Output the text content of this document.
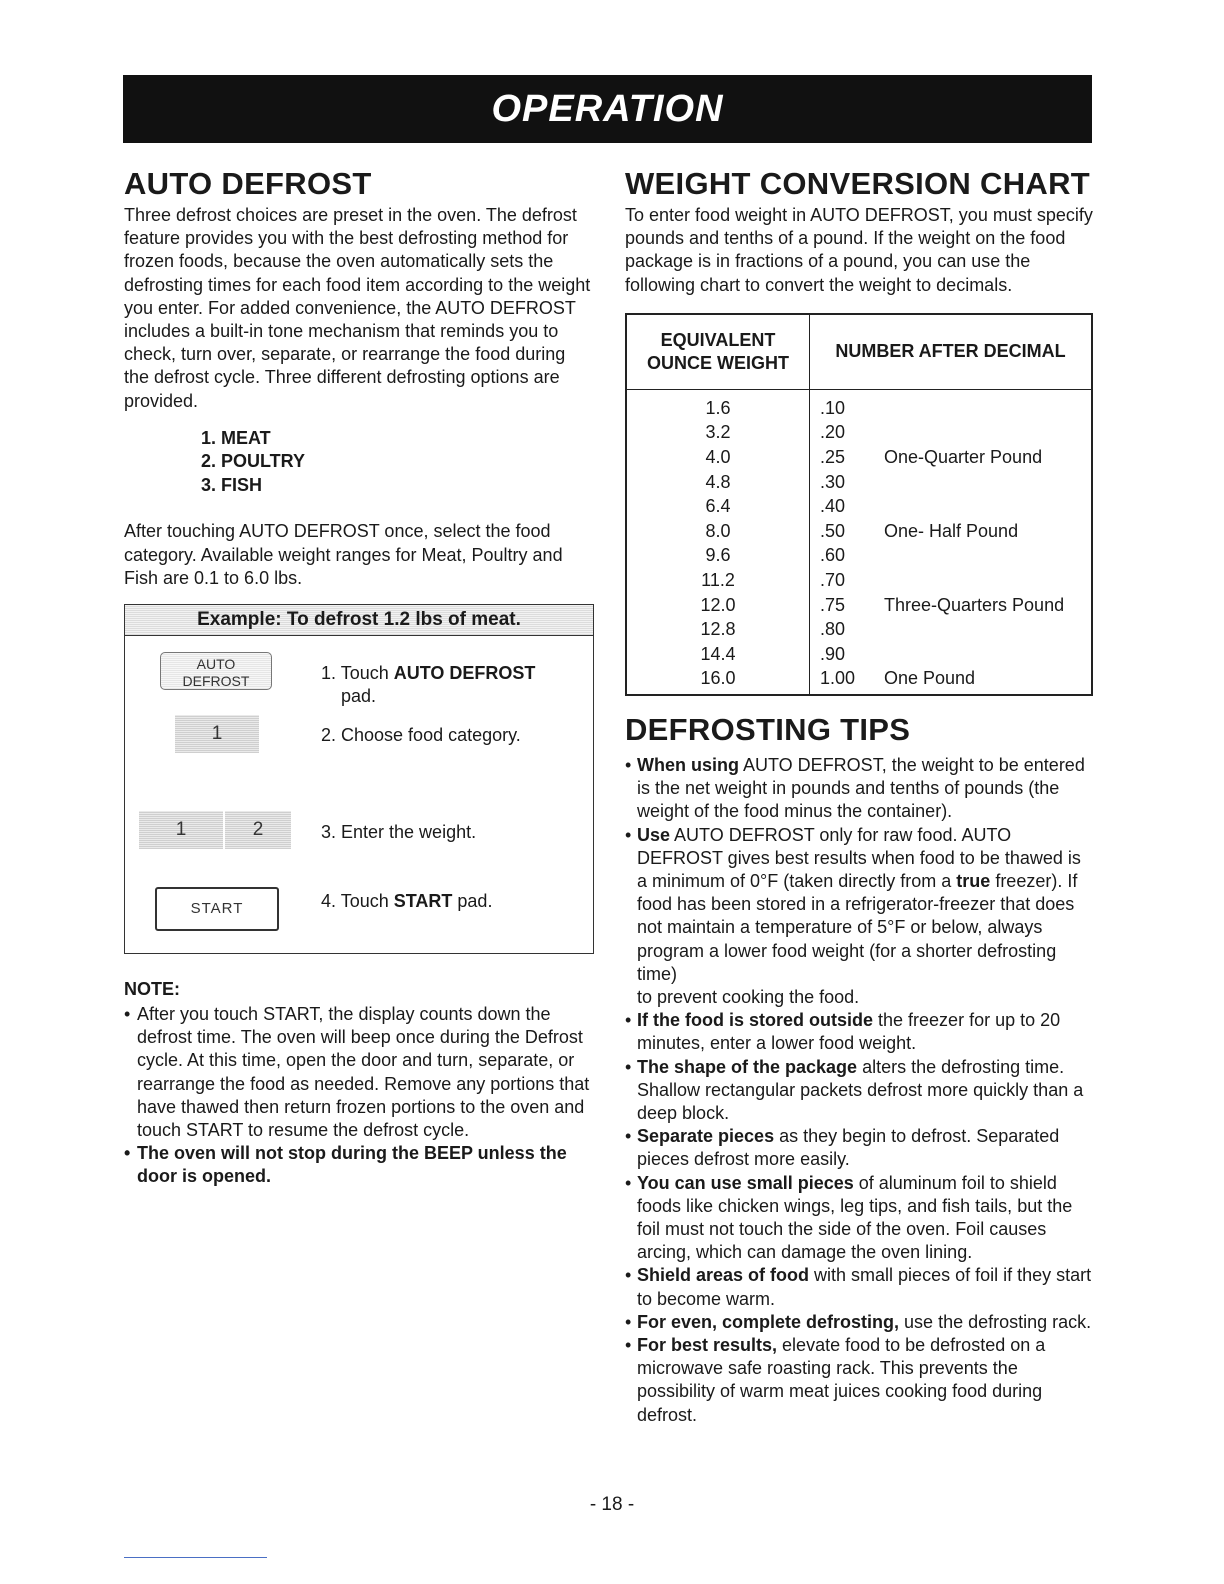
OPERATION
AUTO DEFROST

Three defrost choices are preset in the oven. The defrost feature provides you with the best defrosting method for frozen foods, because the oven automatically sets the defrosting times for each food item according to the weight you enter. For added convenience, the AUTO DEFROST includes a built-in tone mechanism that reminds you to check, turn over, separate, or rearrange the food during the defrost cycle. Three different defrosting options are provided.

1. MEAT
2. POULTRY
3. FISH

After touching AUTO DEFROST once, select the food category. Available weight ranges for Meat, Poultry and Fish are 0.1 to 6.0 lbs.

Example: To defrost 1.2 lbs of meat.
AUTO
DEFROST	1. Touch AUTO DEFROST
pad.
1	2. Choose food category.
1	2	3. Enter the weight.
START	4. Touch START pad.
NOTE:
• After you touch START, the display counts down the defrost time. The oven will beep once during the Defrost cycle. At this time, open the door and turn, separate, or rearrange the food as needed. Remove any portions that have thawed then return frozen portions to the oven and touch START to resume the defrost cycle.
• The oven will not stop during the BEEP unless the door is opened.
WEIGHT CONVERSION CHART

To enter food weight in AUTO DEFROST, you must specify pounds and tenths of a pound. If the weight on the food package is in fractions of a pound, you can use the following chart to convert the weight to decimals.

EQUIVALENT
OUNCE WEIGHT	NUMBER AFTER DECIMAL
1.6	.10
3.2	.20
4.0	.25 One-Quarter Pound
4.8	.30
6.4	.40
8.0	.50 One- Half Pound
9.6	.60
11.2	.70
12.0	.75 Three-Quarters Pound
12.8	.80
14.4	.90
16.0	1.00 One Pound
DEFROSTING TIPS
• When using AUTO DEFROST, the weight to be entered is the net weight in pounds and tenths of pounds (the weight of the food minus the container).
• Use AUTO DEFROST only for raw food. AUTO DEFROST gives best results when food to be thawed is a minimum of 0°F (taken directly from a true freezer). If food has been stored in a refrigerator-freezer that does not maintain a temperature of 5°F or below, always program a lower food weight (for a shorter defrosting time)
to prevent cooking the food.
• If the food is stored outside the freezer for up to 20 minutes, enter a lower food weight.
• The shape of the package alters the defrosting time. Shallow rectangular packets defrost more quickly than a deep block.
• Separate pieces as they begin to defrost. Separated pieces defrost more easily.
• You can use small pieces of aluminum foil to shield foods like chicken wings, leg tips, and fish tails, but the foil must not touch the side of the oven. Foil causes arcing, which can damage the oven lining.
• Shield areas of food with small pieces of foil if they start to become warm.
• For even, complete defrosting, use the defrosting rack.
• For best results, elevate food to be defrosted on a microwave safe roasting rack. This prevents the possibility of warm meat juices cooking food during defrost.
- 18 -
